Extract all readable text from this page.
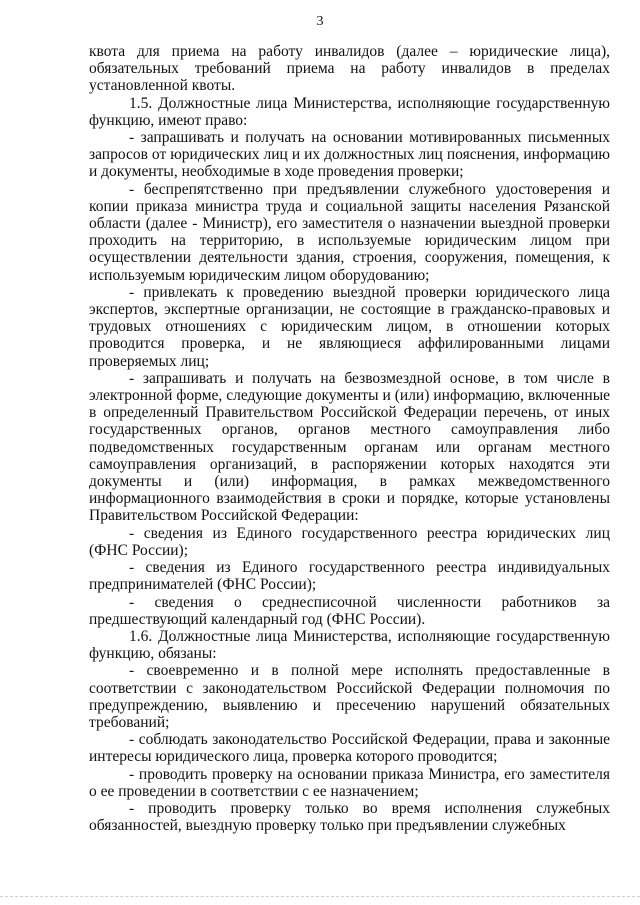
3

квота для приема на работу инвалидов (далее – юридические лица), обязательных требований приема на работу инвалидов в пределах установленной квоты.

1.5. Должностные лица Министерства, исполняющие государственную функцию, имеют право:

- запрашивать и получать на основании мотивированных письменных запросов от юридических лиц и их должностных лиц пояснения, информацию и документы, необходимые в ходе проведения проверки;

- беспрепятственно при предъявлении служебного удостоверения и копии приказа министра труда и социальной защиты населения Рязанской области (далее - Министр), его заместителя о назначении выездной проверки проходить на территорию, в используемые юридическим лицом при осуществлении деятельности здания, строения, сооружения, помещения, к используемым юридическим лицом оборудованию;

- привлекать к проведению выездной проверки юридического лица экспертов, экспертные организации, не состоящие в гражданско-правовых и трудовых отношениях с юридическим лицом, в отношении которых проводится проверка, и не являющиеся аффилированными лицами проверяемых лиц;

- запрашивать и получать на безвозмездной основе, в том числе в электронной форме, следующие документы и (или) информацию, включенные в определенный Правительством Российской Федерации перечень, от иных государственных органов, органов местного самоуправления либо подведомственных государственным органам или органам местного самоуправления организаций, в распоряжении которых находятся эти документы и (или) информация, в рамках межведомственного информационного взаимодействия в сроки и порядке, которые установлены Правительством Российской Федерации:

- сведения из Единого государственного реестра юридических лиц (ФНС России);

- сведения из Единого государственного реестра индивидуальных предпринимателей (ФНС России);

- сведения о среднесписочной численности работников за предшествующий календарный год (ФНС России).

1.6. Должностные лица Министерства, исполняющие государственную функцию, обязаны:

- своевременно и в полной мере исполнять предоставленные в соответствии с законодательством Российской Федерации полномочия по предупреждению, выявлению и пресечению нарушений обязательных требований;

- соблюдать законодательство Российской Федерации, права и законные интересы юридического лица, проверка которого проводится;

- проводить проверку на основании приказа Министра, его заместителя о ее проведении в соответствии с ее назначением;

- проводить проверку только во время исполнения служебных обязанностей, выездную проверку только при предъявлении служебных
